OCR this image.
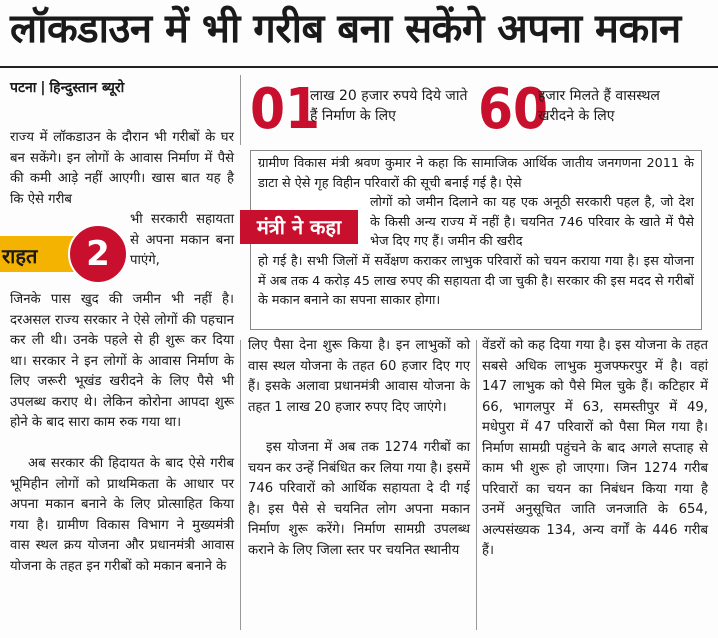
लॉकडाउन में भी गरीब बना सकेंगे अपना मकान
पटना | हिन्दुस्तान ब्यूरो 01
लाख 20 हजार रुपये दिये जाते हैं निर्माण के लिए	60
हजार मिलते हैं वासस्थल खरीदने के लिए
ग्रामीण विकास मंत्री श्रवण कुमार ने कहा कि सामाजिक आर्थिक जातीय जनगणना 2011 के डाटा से ऐसे गृह विहीन परिवारों की सूची बनाई गई है। ऐसे
लोगों को जमीन दिलाने का यह एक अनूठी सरकारी पहल है, जो देश के किसी अन्य राज्य में नहीं है। चयनित 746 परिवार के खाते में पैसे भेज दिए गए हैं। जमीन की खरीद
हो गई है। सभी जिलों में सर्वेक्षण कराकर लाभुक परिवारों को चयन कराया गया है। इस योजना में अब तक 4 करोड़ 45 लाख रुपए की सहायता दी जा चुकी है। सरकार की इस मदद से गरीबों के मकान बनाने का सपना साकार होगा।
मंत्री ने कहा
राज्य में लॉकडाउन के दौरान भी गरीबों के घर बन सकेंगे। इन लोगों के आवास निर्माण में पैसे की कमी आड़े नहीं आएगी। खास बात यह है कि ऐसे गरीब
भी सरकारी सहायता से अपना मकान बना पाएंगे,
राहत	2
जिनके पास खुद की जमीन भी नहीं है। दरअसल राज्य सरकार ने ऐसे लोगों की पहचान कर ली थी। उनके पहले से ही शुरू कर दिया था। सरकार ने इन लोगों के आवास निर्माण के लिए जरूरी भूखंड खरीदने के लिए पैसे भी उपलब्ध कराए थे। लेकिन कोरोना आपदा शुरू होने के बाद सारा काम रुक गया था।
अब सरकार की हिदायत के बाद ऐसे गरीब भूमिहीन लोगों को प्राथमिकता के आधार पर अपना मकान बनाने के लिए प्रोत्साहित किया गया है। ग्रामीण विकास विभाग ने मुख्यमंत्री वास स्थल क्रय योजना और प्रधानमंत्री आवास योजना के तहत इन गरीबों को मकान बनाने के
लिए पैसा देना शुरू किया है। इन लाभुकों को वास स्थल योजना के तहत 60 हजार दिए गए हैं। इसके अलावा प्रधानमंत्री आवास योजना के तहत 1 लाख 20 हजार रुपए दिए जाएंगे।
इस योजना में अब तक 1274 गरीबों का चयन कर उन्हें निबंधित कर लिया गया है। इसमें 746 परिवारों को आर्थिक सहायता दे दी गई है। इस पैसे से चयनित लोग अपना मकान निर्माण शुरू करेंगे। निर्माण सामग्री उपलब्ध कराने के लिए जिला स्तर पर चयनित स्थानीय
वेंडरों को कह दिया गया है। इस योजना के तहत सबसे अधिक लाभुक मुजफ्फरपुर में है। वहां 147 लाभुक को पैसे मिल चुके हैं। कटिहार में 66, भागलपुर में 63, समस्तीपुर में 49, मधेपुरा में 47 परिवारों को पैसा मिल गया है। निर्माण सामग्री पहुंचने के बाद अगले सप्ताह से काम भी शुरू हो जाएगा। जिन 1274 गरीब परिवारों का चयन का निबंधन किया गया है उनमें अनुसूचित जाति जनजाति के 654, अल्पसंख्यक 134, अन्य वर्गों के 446 गरीब हैं।
